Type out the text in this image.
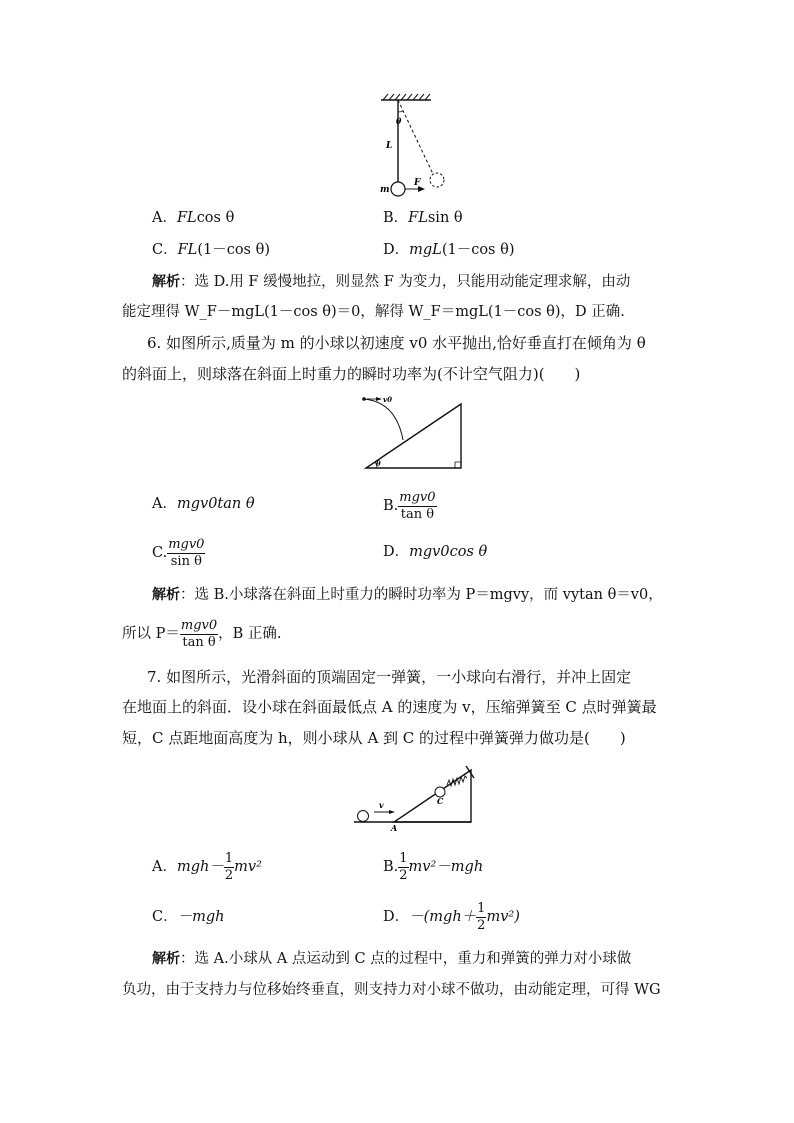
θ
L
m
F
A．FLcos θ	B．FLsin θ
C．FL(1－cos θ)	D．mgL(1－cos θ)
解析：选 D.用 F 缓慢地拉，则显然 F 为变力，只能用动能定理求解，由动
能定理得 W_F－mgL(1－cos θ)＝0，解得 W_F＝mgL(1－cos θ)，D 正确.
6. 如图所示,质量为 m 的小球以初速度 v0 水平抛出,恰好垂直打在倾角为 θ
的斜面上，则球落在斜面上时重力的瞬时功率为(不计空气阻力)(　　)
v0
θ
A．mgv0tan θ	B. $\frac{\text{mgv0}}{\text{tan θ}}$
C. $\frac{\text{mgv0}}{\text{sin θ}}$	D．mgv0cos θ
解析：选 B.小球落在斜面上时重力的瞬时功率为 P＝mgvy，而 vytan θ＝v0，
所以 $P= \frac{\text{mgv0}}{\text{tan θ}}$ ，B 正确.
7. 如图所示，光滑斜面的顶端固定一弹簧，一小球向右滑行，并冲上固定
在地面上的斜面．设小球在斜面最低点 A 的速度为 v，压缩弹簧至 C 点时弹簧最
短，C 点距地面高度为 h，则小球从 A 到 C 的过程中弹簧弹力做功是(　　)
v
A
C
A． $mgh- \frac{1}{2} mv^2$	B. $\frac{1}{2} mv^2-mgh$
C．－mgh	D． $-(mgh+ \frac{1}{2} mv^2)$
解析：选 A.小球从 A 点运动到 C 点的过程中，重力和弹簧的弹力对小球做
负功，由于支持力与位移始终垂直，则支持力对小球不做功，由动能定理，可得 WG
